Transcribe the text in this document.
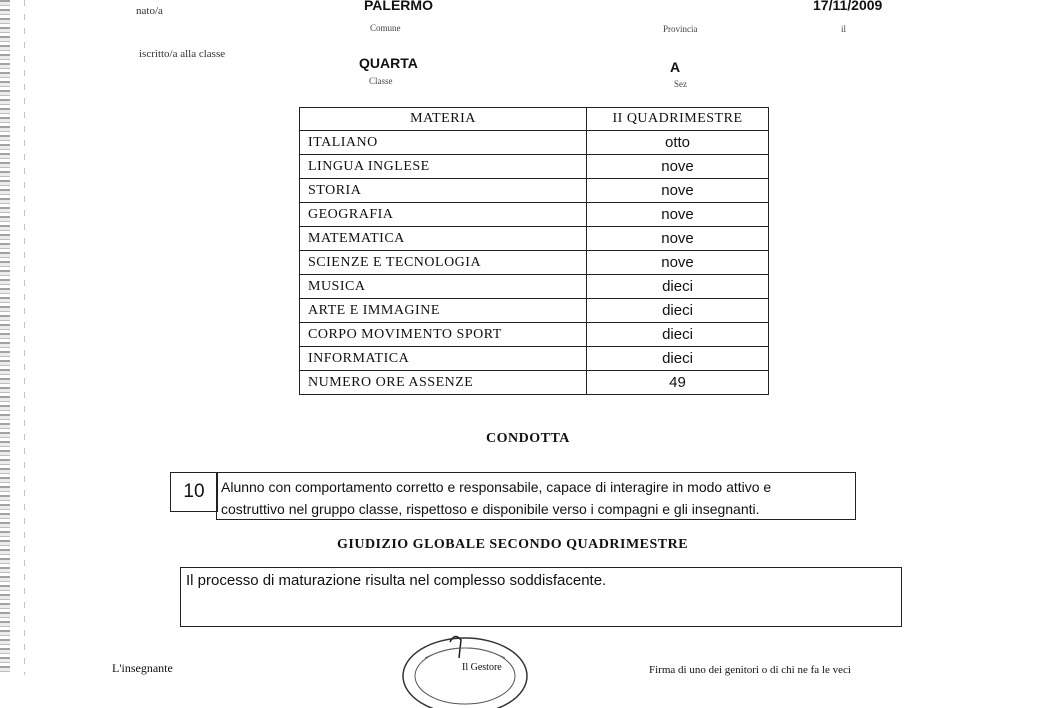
nato/a	PALERMO
Comune
17/11/2009
Provincia	il
iscritto/a alla classe
QUARTA
Classe
A
Sez
MATERIA	II QUADRIMESTRE
ITALIANO	otto
LINGUA INGLESE	nove
STORIA	nove
GEOGRAFIA	nove
MATEMATICA	nove
SCIENZE E TECNOLOGIA	nove
MUSICA	dieci
ARTE E IMMAGINE	dieci
CORPO MOVIMENTO SPORT	dieci
INFORMATICA	dieci
NUMERO ORE ASSENZE	49
CONDOTTA
10	Alunno con comportamento corretto e responsabile, capace di interagire in modo attivo e
costruttivo nel gruppo classe, rispettoso e disponibile verso i compagni e gli insegnanti.
GIUDIZIO GLOBALE SECONDO QUADRIMESTRE
Il processo di maturazione risulta nel complesso soddisfacente.
L'insegnante	Il Gestore	Firma di uno dei genitori o di chi ne fa le veci
